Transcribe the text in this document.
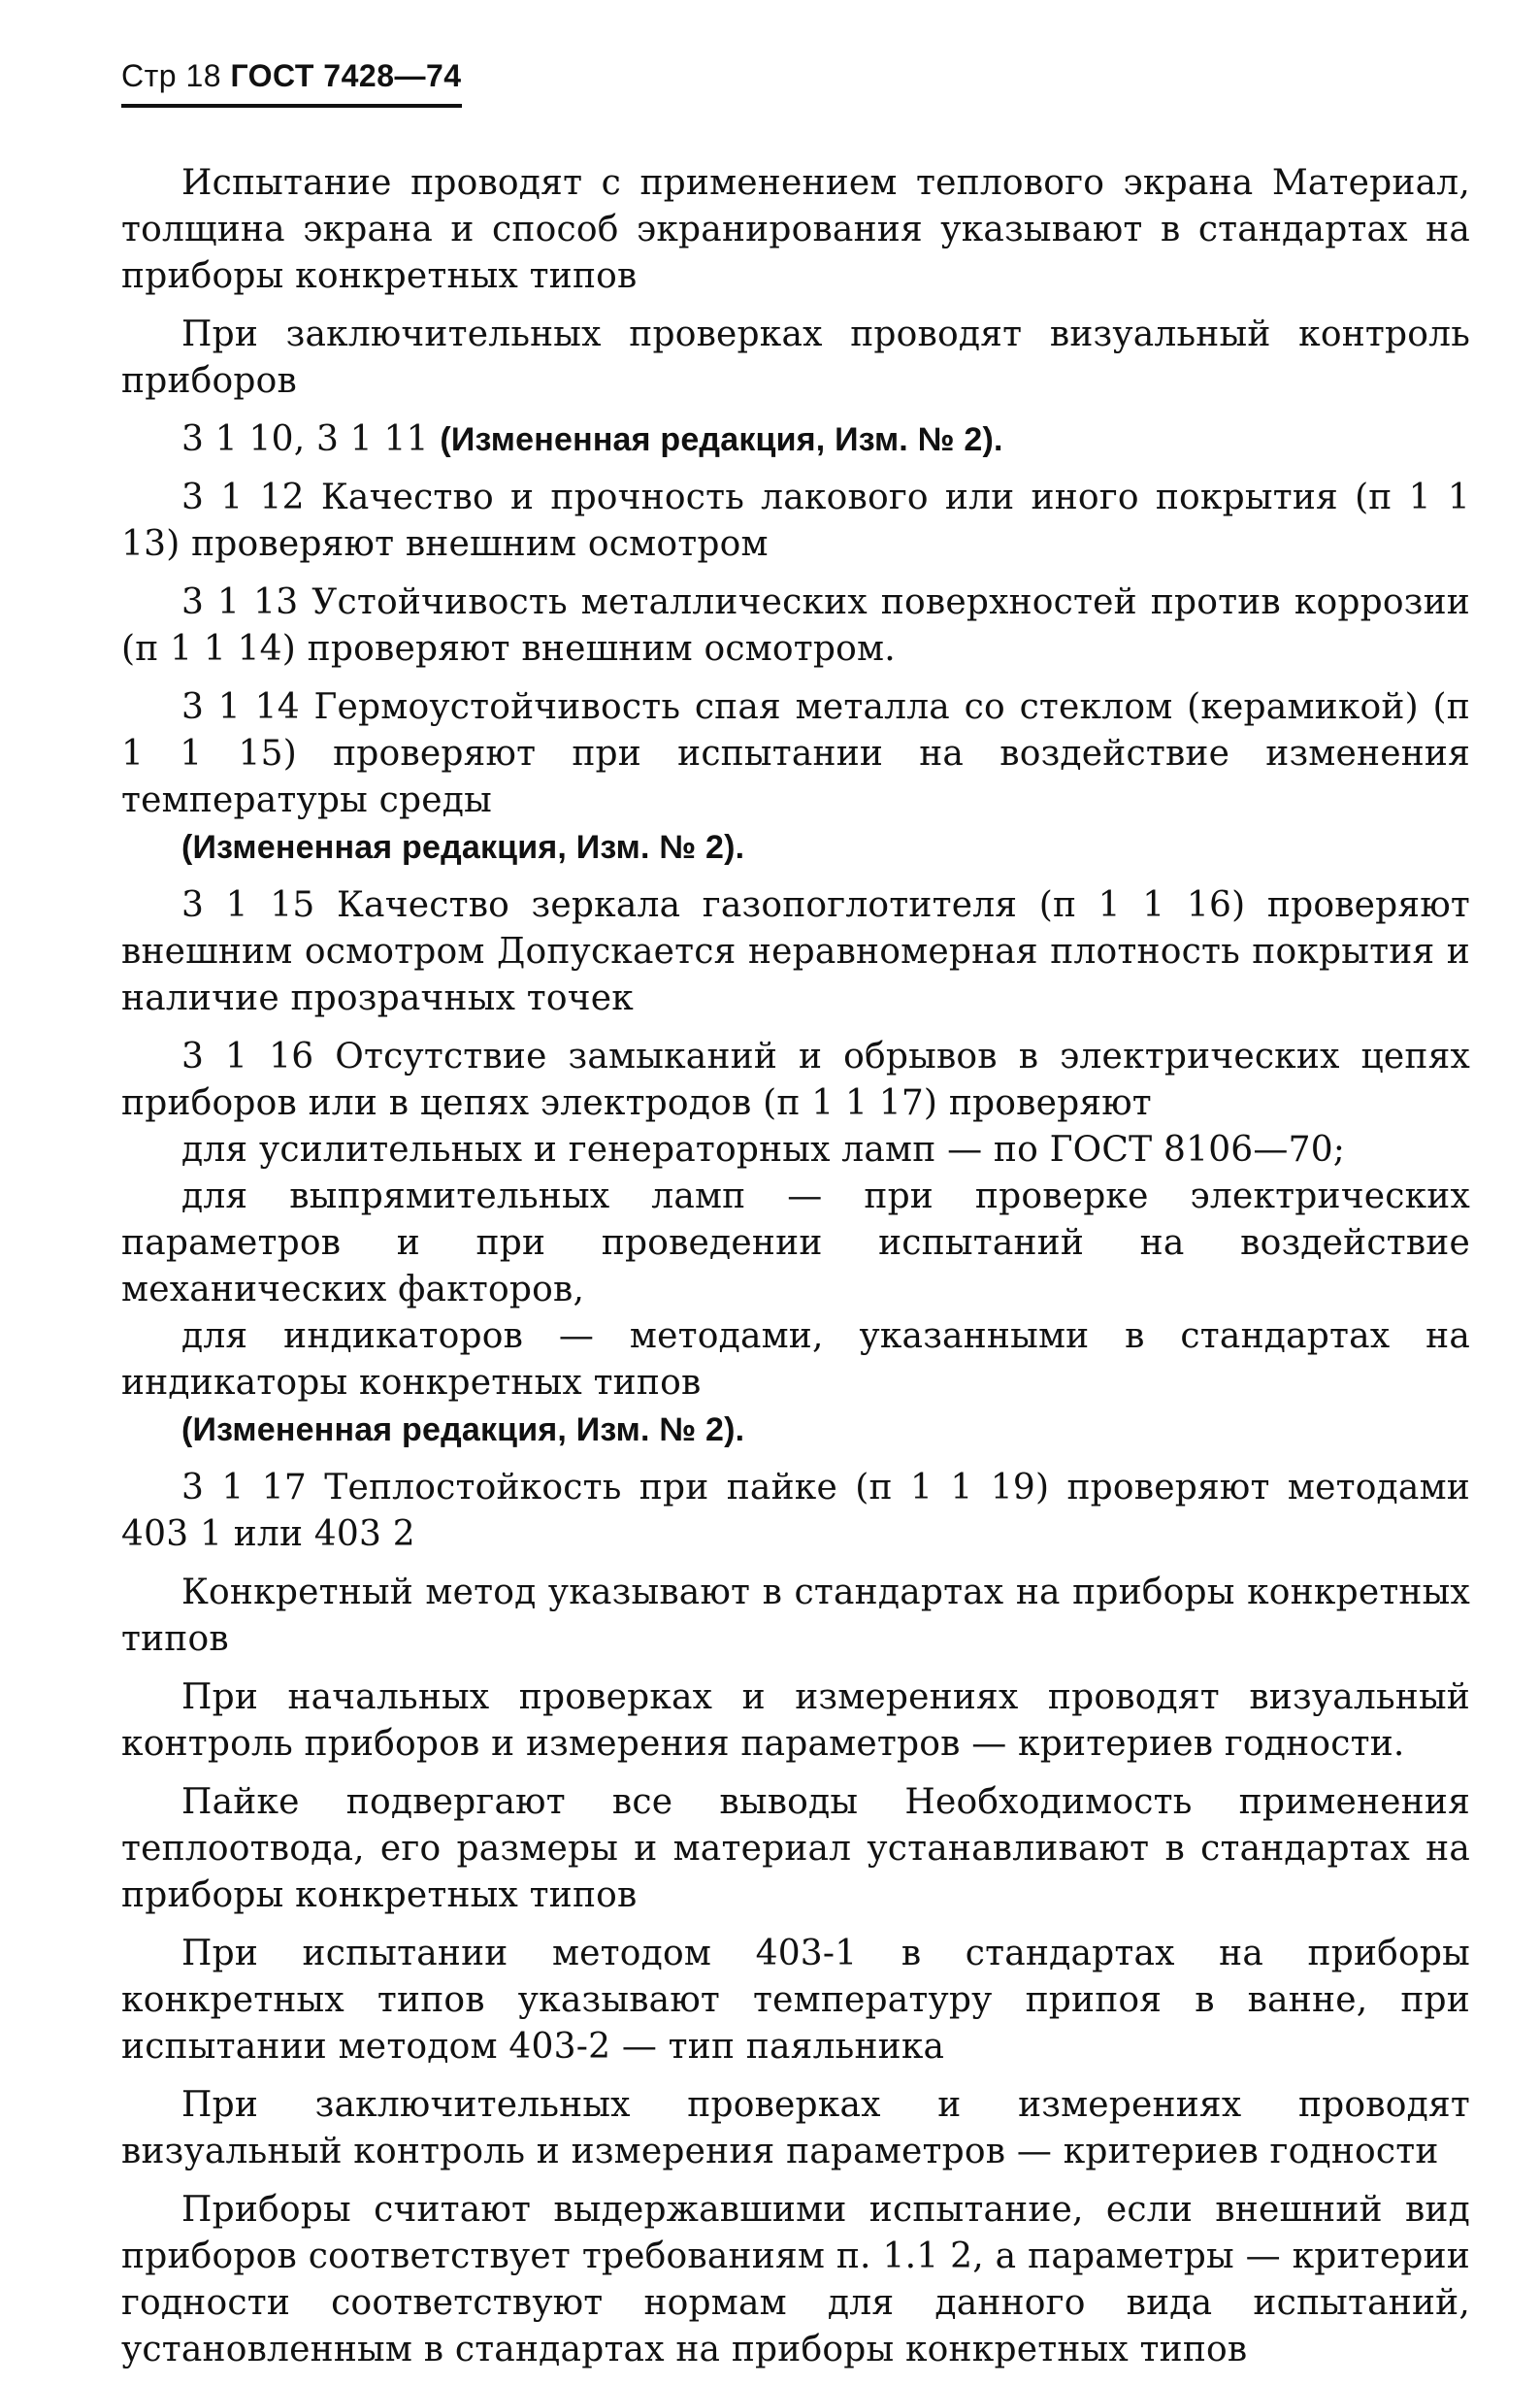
Стр 18 ГОСТ 7428—74

Испытание проводят с применением теплового экрана Материал, толщина экрана и способ экранирования указывают в стандартах на приборы конкретных типов

При заключительных проверках проводят визуальный контроль приборов

3 1 10, 3 1 11 (Измененная редакция, Изм. № 2).

3 1 12 Качество и прочность лакового или иного покрытия (п 1 1 13) проверяют внешним осмотром

3 1 13 Устойчивость металлических поверхностей против коррозии (п 1 1 14) проверяют внешним осмотром.

3 1 14 Гермоустойчивость спая металла со стеклом (керамикой) (п 1 1 15) проверяют при испытании на воздействие изменения температуры среды

(Измененная редакция, Изм. № 2).

3 1 15 Качество зеркала газопоглотителя (п 1 1 16) проверяют внешним осмотром Допускается неравномерная плотность покрытия и наличие прозрачных точек

3 1 16 Отсутствие замыканий и обрывов в электрических цепях приборов или в цепях электродов (п 1 1 17) проверяют

для усилительных и генераторных ламп — по ГОСТ 8106—70;

для выпрямительных ламп — при проверке электрических параметров и при проведении испытаний на воздействие механических факторов,

для индикаторов — методами, указанными в стандартах на индикаторы конкретных типов

(Измененная редакция, Изм. № 2).

3 1 17 Теплостойкость при пайке (п 1 1 19) проверяют методами 403 1 или 403 2

Конкретный метод указывают в стандартах на приборы конкретных типов

При начальных проверках и измерениях проводят визуальный контроль приборов и измерения параметров — критериев годности.

Пайке подвергают все выводы Необходимость применения теплоотвода, его размеры и материал устанавливают в стандартах на приборы конкретных типов

При испытании методом 403-1 в стандартах на приборы конкретных типов указывают температуру припоя в ванне, при испытании методом 403-2 — тип паяльника

При заключительных проверках и измерениях проводят визуальный контроль и измерения параметров — критериев годности

Приборы считают выдержавшими испытание, если внешний вид приборов соответствует требованиям п. 1.1 2, а параметры — критерии годности соответствуют нормам для данного вида испытаний, установленным в стандартах на приборы конкретных типов
